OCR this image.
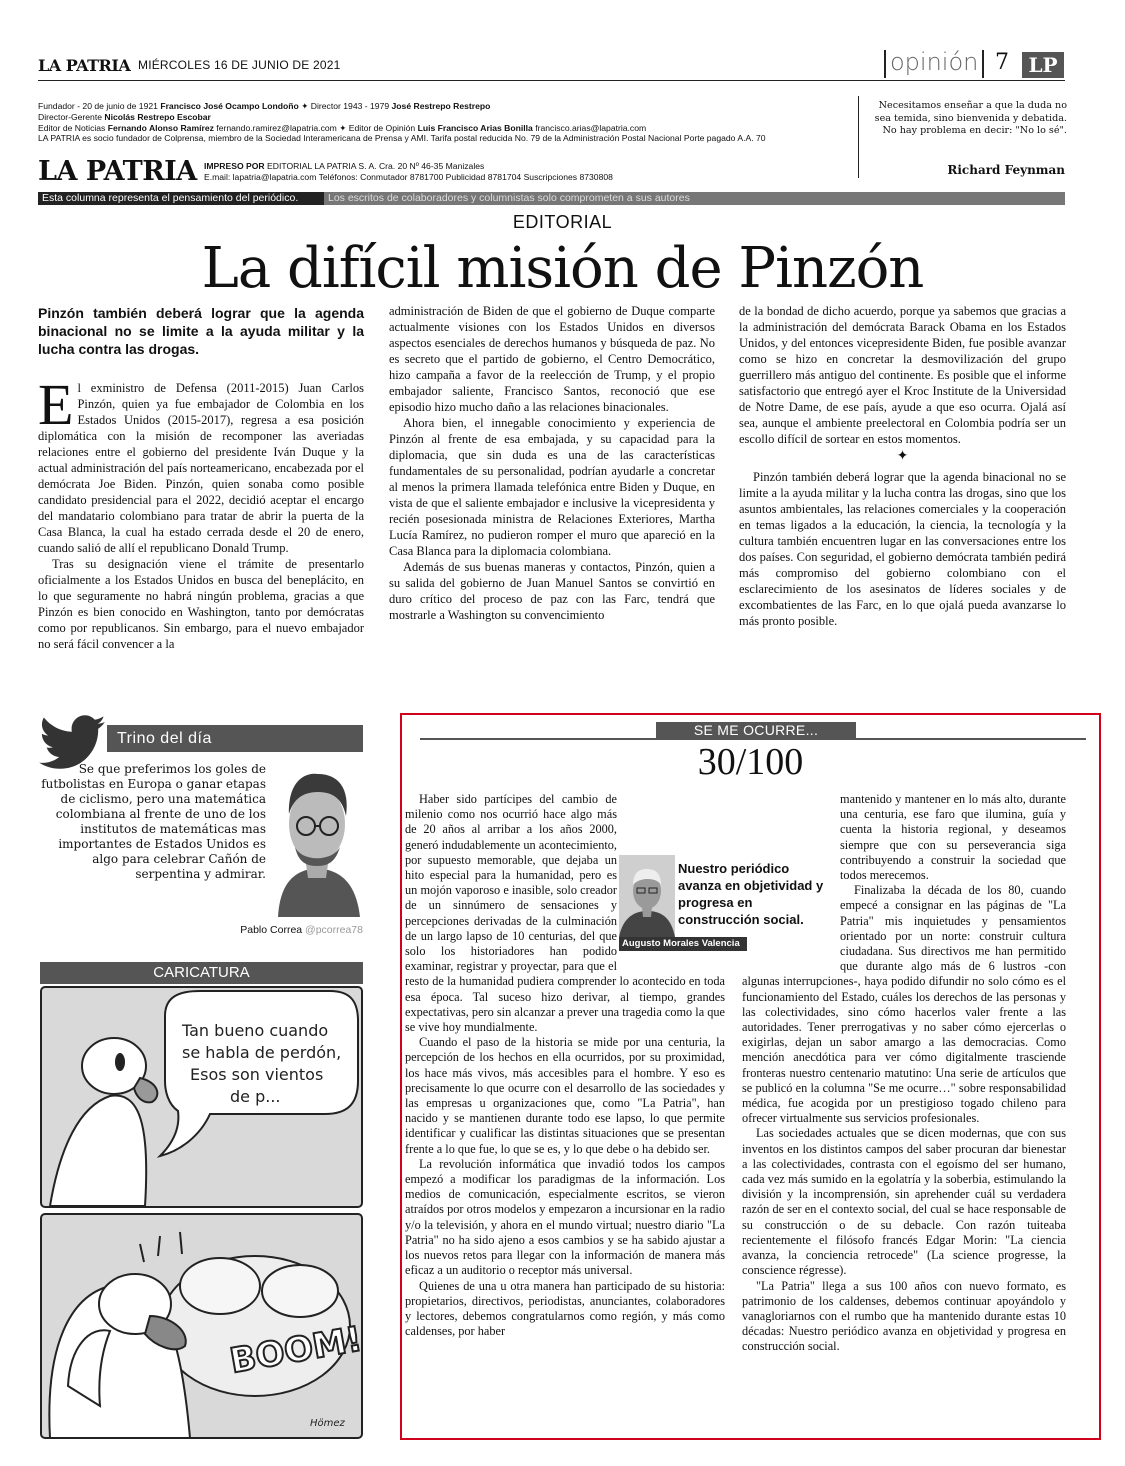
LA PATRIA MIÉRCOLES 16 DE JUNIO DE 2021	opinión 7 LP
Fundador - 20 de junio de 1921 Francisco José Ocampo Londoño ✦ Director 1943 - 1979 José Restrepo Restrepo
Director-Gerente Nicolás Restrepo Escobar
Editor de Noticias Fernando Alonso Ramírez fernando.ramirez@lapatria.com ✦ Editor de Opinión Luis Francisco Arias Bonilla francisco.arias@lapatria.com
LA PATRIA es socio fundador de Colprensa, miembro de la Sociedad Interamericana de Prensa y AMI. Tarifa postal reducida No. 79 de la Administración Postal Nacional Porte pagado A.A. 70
LA PATRIA IMPRESO POR EDITORIAL LA PATRIA S. A. Cra. 20 Nº 46-35 Manizales
E.mail: lapatria@lapatria.com Teléfonos: Conmutador 8781700 Publicidad 8781704 Suscripciones 8730808
Necesitamos enseñar a que la duda no sea temida, sino bienvenida y debatida. No hay problema en decir: "No lo sé".
Richard Feynman
Esta columna representa el pensamiento del periódico.	Los escritos de colaboradores y columnistas solo comprometen a sus autores
EDITORIAL
La difícil misión de Pinzón
Pinzón también deberá lograr que la agenda binacional no se limite a la ayuda militar y la lucha contra las drogas.

El exministro de Defensa (2011-2015) Juan Carlos Pinzón, quien ya fue embajador de Colombia en los Estados Unidos (2015-2017), regresa a esa posición diplomática con la misión de recomponer las averiadas relaciones entre el gobierno del presidente Iván Duque y la actual administración del país norteamericano, encabezada por el demócrata Joe Biden. Pinzón, quien sonaba como posible candidato presidencial para el 2022, decidió aceptar el encargo del mandatario colombiano para tratar de abrir la puerta de la Casa Blanca, la cual ha estado cerrada desde el 20 de enero, cuando salió de allí el republicano Donald Trump.

Tras su designación viene el trámite de presentarlo oficialmente a los Estados Unidos en busca del beneplácito, en lo que seguramente no habrá ningún problema, gracias a que Pinzón es bien conocido en Washington, tanto por demócratas como por republicanos. Sin embargo, para el nuevo embajador no será fácil convencer a la

administración de Biden de que el gobierno de Duque comparte actualmente visiones con los Estados Unidos en diversos aspectos esenciales de derechos humanos y búsqueda de paz. No es secreto que el partido de gobierno, el Centro Democrático, hizo campaña a favor de la reelección de Trump, y el propio embajador saliente, Francisco Santos, reconoció que ese episodio hizo mucho daño a las relaciones binacionales.

Ahora bien, el innegable conocimiento y experiencia de Pinzón al frente de esa embajada, y su capacidad para la diplomacia, que sin duda es una de las características fundamentales de su personalidad, podrían ayudarle a concretar al menos la primera llamada telefónica entre Biden y Duque, en vista de que el saliente embajador e inclusive la vicepresidenta y recién posesionada ministra de Relaciones Exteriores, Martha Lucía Ramírez, no pudieron romper el muro que apareció en la Casa Blanca para la diplomacia colombiana.

Además de sus buenas maneras y contactos, Pinzón, quien a su salida del gobierno de Juan Manuel Santos se convirtió en duro crítico del proceso de paz con las Farc, tendrá que mostrarle a Washington su convencimiento

de la bondad de dicho acuerdo, porque ya sabemos que gracias a la administración del demócrata Barack Obama en los Estados Unidos, y del entonces vicepresidente Biden, fue posible avanzar como se hizo en concretar la desmovilización del grupo guerrillero más antiguo del continente. Es posible que el informe satisfactorio que entregó ayer el Kroc Institute de la Universidad de Notre Dame, de ese país, ayude a que eso ocurra. Ojalá así sea, aunque el ambiente preelectoral en Colombia podría ser un escollo difícil de sortear en estos momentos.

✦

Pinzón también deberá lograr que la agenda binacional no se limite a la ayuda militar y la lucha contra las drogas, sino que los asuntos ambientales, las relaciones comerciales y la cooperación en temas ligados a la educación, la ciencia, la tecnología y la cultura también encuentren lugar en las conversaciones entre los dos países. Con seguridad, el gobierno demócrata también pedirá más compromiso del gobierno colombiano con el esclarecimiento de los asesinatos de líderes sociales y de excombatientes de las Farc, en lo que ojalá pueda avanzarse lo más pronto posible.

Trino del día
Se que preferimos los goles de futbolistas en Europa o ganar etapas de ciclismo, pero una matemática colombiana al frente de uno de los institutos de matemáticas mas importantes de Estados Unidos es algo para celebrar Cañón de serpentina y admirar.
Pablo Correa @pcorrea78
CARICATURA
Tan bueno cuando
se habla de perdón,
Esos son vientos
de p...
BOOM!
Hömez
SE ME OCURRE...
30/100

Haber sido partícipes del cambio de milenio como nos ocurrió hace algo más de 20 años al arribar a los años 2000, generó indudablemente un acontecimiento, por supuesto memorable, que dejaba un hito especial para la humanidad, pero es un mojón vaporoso e inasible, solo creador de un sinnúmero de sensaciones y percepciones derivadas de la culminación de un largo lapso de 10 centurias, del que solo los historiadores han podido examinar, registrar y proyectar, para que el resto de la humanidad pudiera comprender lo acontecido en toda esa época. Tal suceso hizo derivar, al tiempo, grandes expectativas, pero sin alcanzar a prever una tragedia como la que se vive hoy mundialmente.

Cuando el paso de la historia se mide por una centuria, la percepción de los hechos en ella ocurridos, por su proximidad, los hace más vivos, más accesibles para el hombre. Y eso es precisamente lo que ocurre con el desarrollo de las sociedades y las empresas u organizaciones que, como "La Patria", han nacido y se mantienen durante todo ese lapso, lo que permite identificar y cualificar las distintas situaciones que se presentan frente a lo que fue, lo que se es, y lo que debe o ha debido ser.

La revolución informática que invadió todos los campos empezó a modificar los paradigmas de la información. Los medios de comunicación, especialmente escritos, se vieron atraídos por otros modelos y empezaron a incursionar en la radio y/o la televisión, y ahora en el mundo virtual; nuestro diario "La Patria" no ha sido ajeno a esos cambios y se ha sabido ajustar a los nuevos retos para llegar con la información de manera más eficaz a un auditorio o receptor más universal.

Quienes de una u otra manera han participado de su historia: propietarios, directivos, periodistas, anunciantes, colaboradores y lectores, debemos congratularnos como región, y más como caldenses, por haber

mantenido y mantener en lo más alto, durante una centuria, ese faro que ilumina, guía y cuenta la historia regional, y deseamos siempre que con su perseverancia siga contribuyendo a construir la sociedad que todos merecemos.

Finalizaba la década de los 80, cuando empecé a consignar en las páginas de "La Patria" mis inquietudes y pensamientos orientado por un norte: construir cultura ciudadana. Sus directivos me han permitido que durante algo más de 6 lustros -con algunas interrupciones-, haya podido difundir no solo cómo es el funcionamiento del Estado, cuáles los derechos de las personas y las colectividades, sino cómo hacerlos valer frente a las autoridades. Tener prerrogativas y no saber cómo ejercerlas o exigirlas, dejan un sabor amargo a las democracias. Como mención anecdótica para ver cómo digitalmente trasciende fronteras nuestro centenario matutino: Una serie de artículos que se publicó en la columna "Se me ocurre…" sobre responsabilidad médica, fue acogida por un prestigioso togado chileno para ofrecer virtualmente sus servicios profesionales.

Las sociedades actuales que se dicen modernas, que con sus inventos en los distintos campos del saber procuran dar bienestar a las colectividades, contrasta con el egoísmo del ser humano, cada vez más sumido en la egolatría y la soberbia, estimulando la división y la incomprensión, sin aprehender cuál su verdadera razón de ser en el contexto social, del cual se hace responsable de su construcción o de su debacle. Con razón tuiteaba recientemente el filósofo francés Edgar Morin: "La ciencia avanza, la conciencia retrocede" (La science progresse, la conscience régresse).

"La Patria" llega a sus 100 años con nuevo formato, es patrimonio de los caldenses, debemos continuar apoyándolo y vanagloriarnos con el rumbo que ha mantenido durante estas 10 décadas: Nuestro periódico avanza en objetividad y progresa en construcción social.

Nuestro periódico avanza en objetividad y progresa en construcción social.
Augusto Morales Valencia
